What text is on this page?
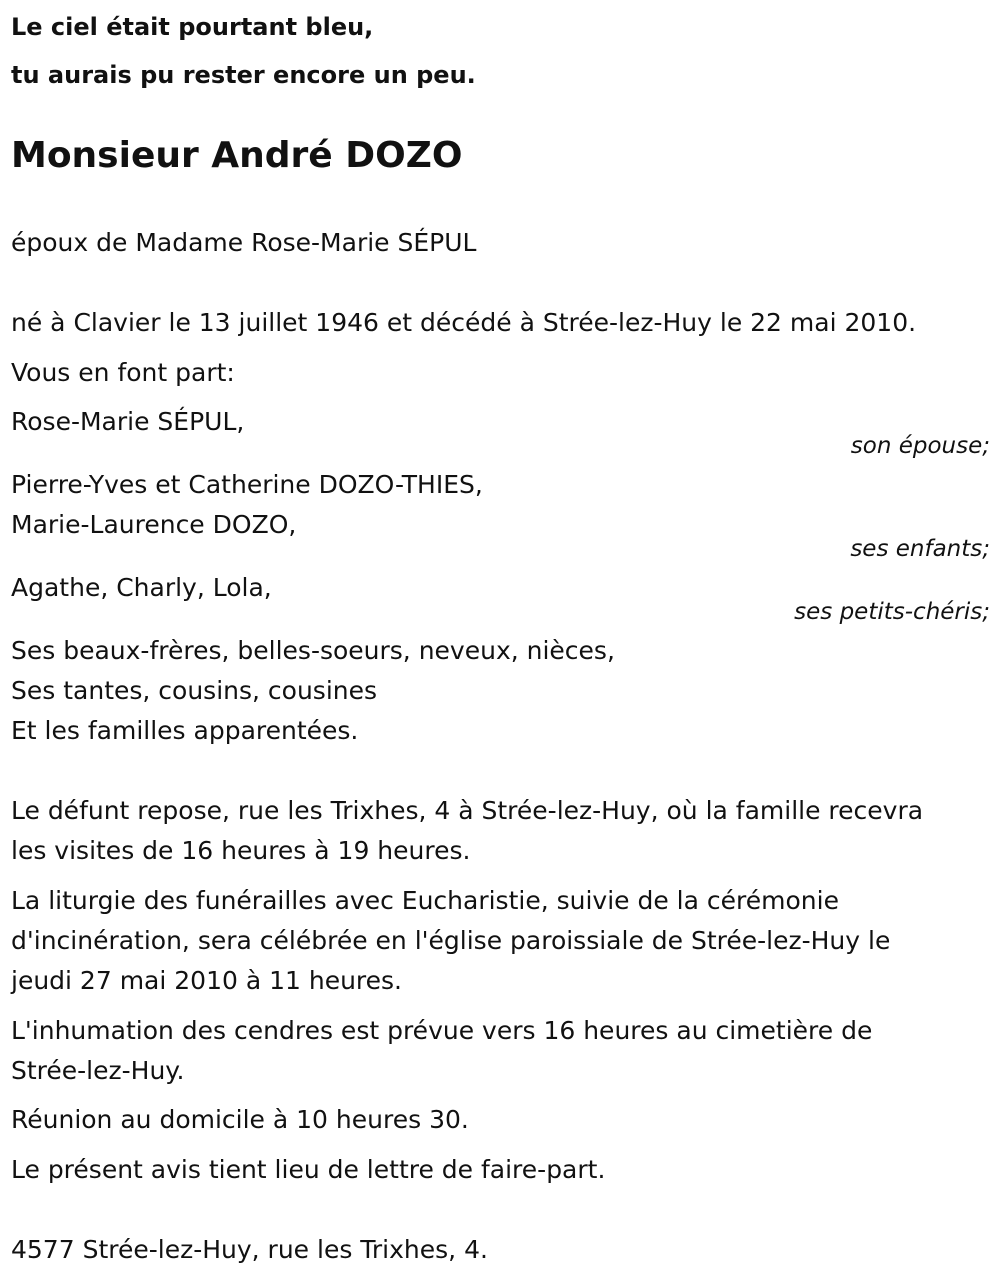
Le ciel était pourtant bleu,

tu aurais pu rester encore un peu.

Monsieur André DOZO

époux de Madame Rose-Marie SÉPUL

né à Clavier le 13 juillet 1946 et décédé à Strée-lez-Huy le 22 mai 2010.

Vous en font part:

Rose-Marie SÉPUL,

son épouse;

Pierre-Yves et Catherine DOZO-THIES,

Marie-Laurence DOZO,

ses enfants;

Agathe, Charly, Lola,

ses petits-chéris;

Ses beaux-frères, belles-soeurs, neveux, nièces,

Ses tantes, cousins, cousines

Et les familles apparentées.

Le défunt repose, rue les Trixhes, 4 à Strée-lez-Huy, où la famille recevra

les visites de 16 heures à 19 heures.

La liturgie des funérailles avec Eucharistie, suivie de la cérémonie

d'incinération, sera célébrée en l'église paroissiale de Strée-lez-Huy le

jeudi 27 mai 2010 à 11 heures.

L'inhumation des cendres est prévue vers 16 heures au cimetière de

Strée-lez-Huy.

Réunion au domicile à 10 heures 30.

Le présent avis tient lieu de lettre de faire-part.

4577 Strée-lez-Huy, rue les Trixhes, 4.
